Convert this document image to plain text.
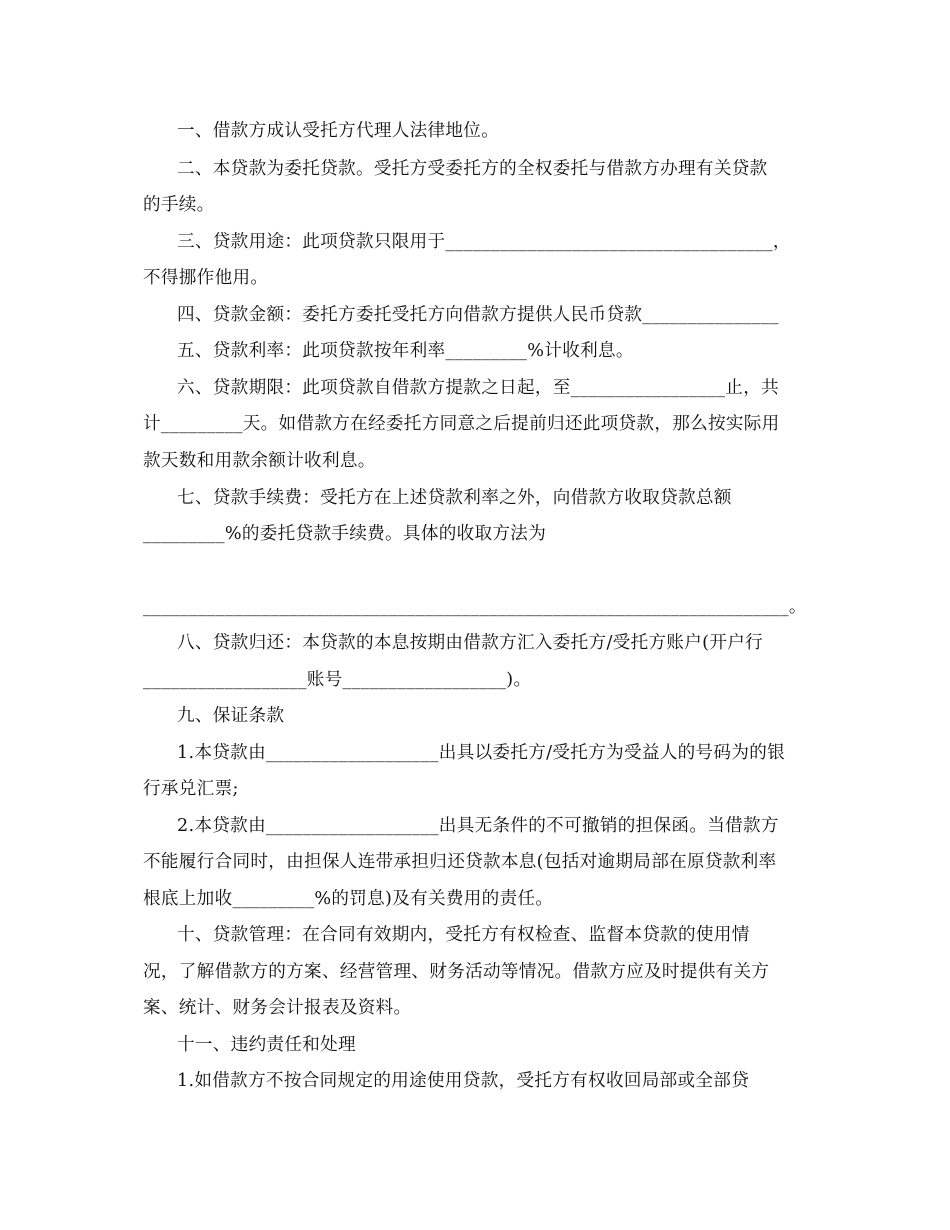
一、借款方成认受托方代理人法律地位。
二、本贷款为委托贷款。受托方受委托方的全权委托与借款方办理有关贷款
的手续。
三、贷款用途：此项贷款只限用于____________________________________，
不得挪作他用。
四、贷款金额：委托方委托受托方向借款方提供人民币贷款_______________
五、贷款利率：此项贷款按年利率_________%计收利息。
六、贷款期限：此项贷款自借款方提款之日起，至_________________止，共
计_________天。如借款方在经委托方同意之后提前归还此项贷款，那么按实际用
款天数和用款余额计收利息。
七、贷款手续费：受托方在上述贷款利率之外，向借款方收取贷款总额
_________%的委托贷款手续费。具体的收取方法为
_______________________________________________________________________。
八、贷款归还：本贷款的本息按期由借款方汇入委托方/受托方账户(开户行
__________________账号__________________)。
九、保证条款
1.本贷款由___________________出具以委托方/受托方为受益人的号码为的银
行承兑汇票;
2.本贷款由___________________出具无条件的不可撤销的担保函。当借款方
不能履行合同时，由担保人连带承担归还贷款本息(包括对逾期局部在原贷款利率
根底上加收_________%的罚息)及有关费用的责任。
十、贷款管理：在合同有效期内，受托方有权检查、监督本贷款的使用情
况，了解借款方的方案、经营管理、财务活动等情况。借款方应及时提供有关方
案、统计、财务会计报表及资料。
十一、违约责任和处理
1.如借款方不按合同规定的用途使用贷款，受托方有权收回局部或全部贷
